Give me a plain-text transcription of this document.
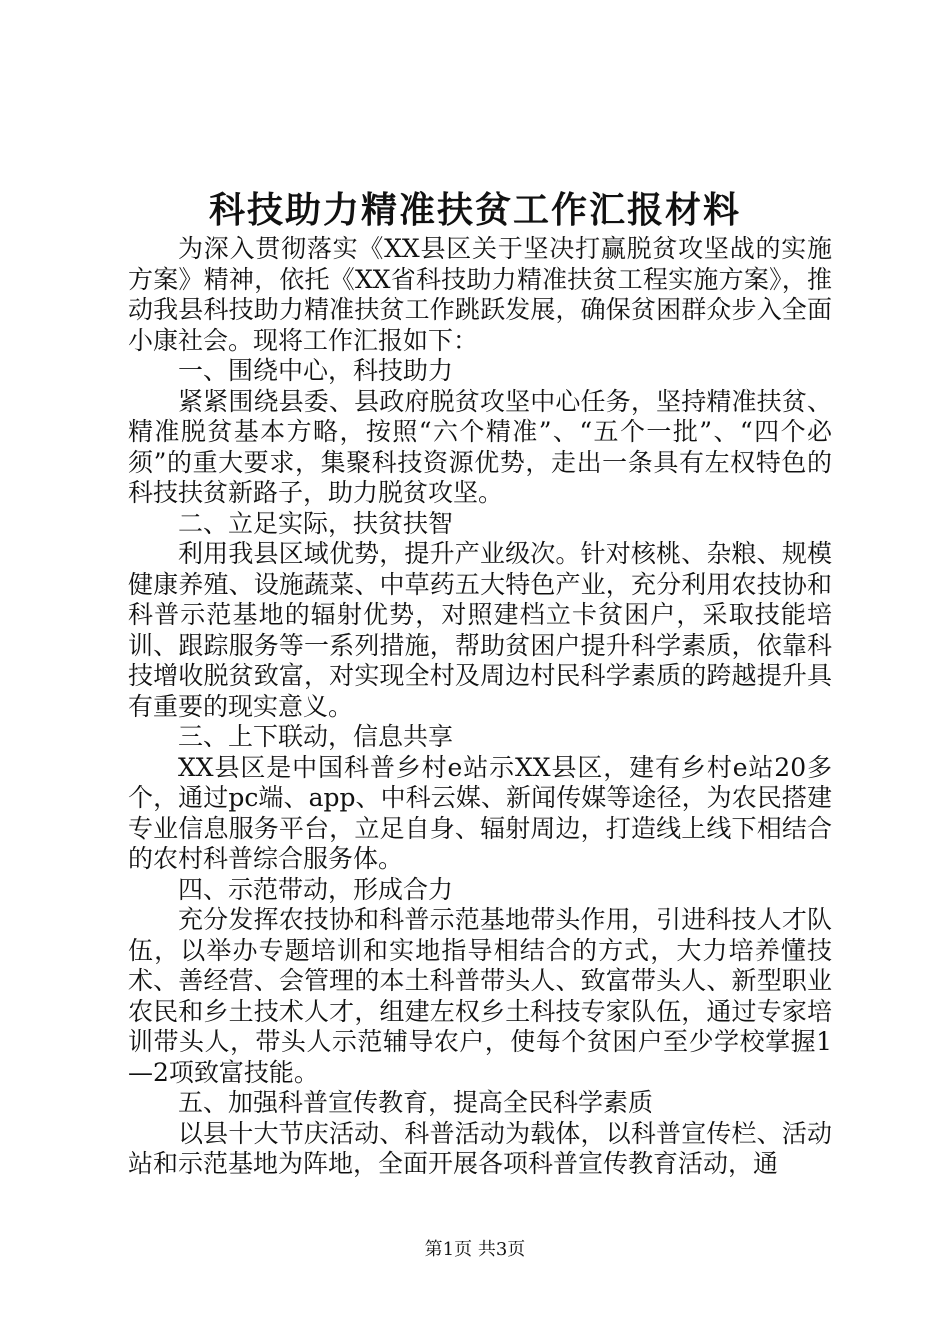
科技助力精准扶贫工作汇报材料

为深入贯彻落实《XX县区关于坚决打赢脱贫攻坚战的实施方案》精神，依托《XX省科技助力精准扶贫工程实施方案》，推动我县科技助力精准扶贫工作跳跃发展，确保贫困群众步入全面小康社会。现将工作汇报如下：

一、围绕中心，科技助力

紧紧围绕县委、县政府脱贫攻坚中心任务，坚持精准扶贫、精准脱贫基本方略，按照“六个精准”、“五个一批”、“四个必须”的重大要求，集聚科技资源优势，走出一条具有左权特色的科技扶贫新路子，助力脱贫攻坚。

二、立足实际，扶贫扶智

利用我县区域优势，提升产业级次。针对核桃、杂粮、规模健康养殖、设施蔬菜、中草药五大特色产业，充分利用农技协和科普示范基地的辐射优势，对照建档立卡贫困户，采取技能培训、跟踪服务等一系列措施，帮助贫困户提升科学素质，依靠科技增收脱贫致富，对实现全村及周边村民科学素质的跨越提升具有重要的现实意义。

三、上下联动，信息共享

XX县区是中国科普乡村e站示XX县区，建有乡村e站20多个，通过pc端、app、中科云媒、新闻传媒等途径，为农民搭建专业信息服务平台，立足自身、辐射周边，打造线上线下相结合的农村科普综合服务体。

四、示范带动，形成合力

充分发挥农技协和科普示范基地带头作用，引进科技人才队伍，以举办专题培训和实地指导相结合的方式，大力培养懂技术、善经营、会管理的本土科普带头人、致富带头人、新型职业农民和乡土技术人才，组建左权乡土科技专家队伍，通过专家培训带头人，带头人示范辅导农户，使每个贫困户至少学校掌握1—2项致富技能。

五、加强科普宣传教育，提高全民科学素质

以县十大节庆活动、科普活动为载体，以科普宣传栏、活动站和示范基地为阵地，全面开展各项科普宣传教育活动，通

第1页 共3页
